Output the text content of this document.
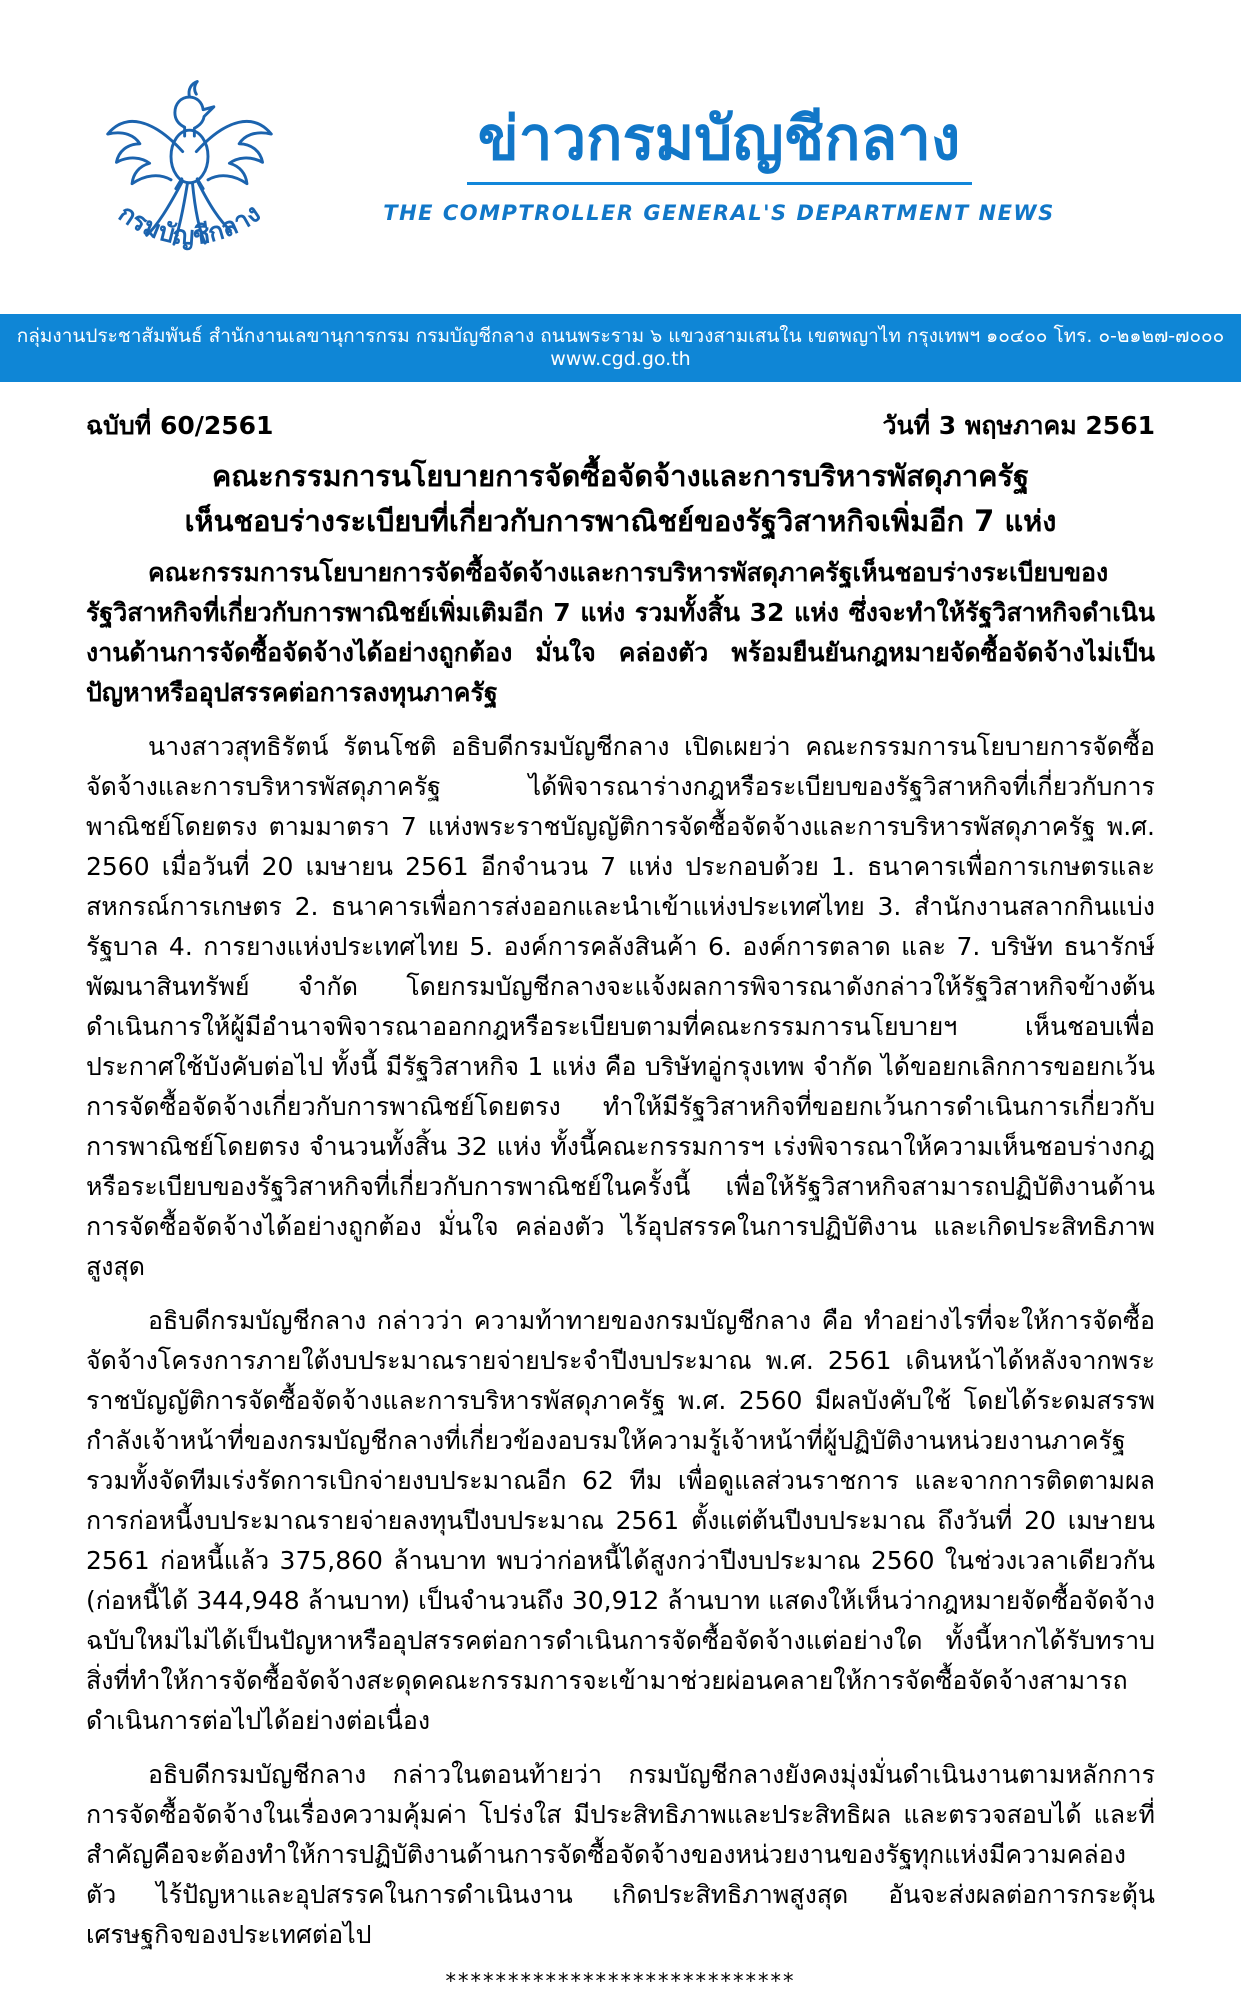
กรมบัญชีกลาง
ข่าวกรมบัญชีกลาง
THE COMPTROLLER GENERAL'S DEPARTMENT NEWS
กลุ่มงานประชาสัมพันธ์ สำนักงานเลขานุการกรม กรมบัญชีกลาง ถนนพระราม ๖ แขวงสามเสนใน เขตพญาไท กรุงเทพฯ ๑๐๔๐๐ โทร. ๐-๒๑๒๗-๗๐๐๐ www.cgd.go.th
ฉบับที่ 60/2561	วันที่ 3 พฤษภาคม 2561
คณะกรรมการนโยบายการจัดซื้อจัดจ้างและการบริหารพัสดุภาครัฐ
เห็นชอบร่างระเบียบที่เกี่ยวกับการพาณิชย์ของรัฐวิสาหกิจเพิ่มอีก 7 แห่ง

คณะกรรมการนโยบายการจัดซื้อจัดจ้างและการบริหารพัสดุภาครัฐเห็นชอบร่างระเบียบของรัฐวิสาหกิจที่เกี่ยวกับการพาณิชย์เพิ่มเติมอีก 7 แห่ง รวมทั้งสิ้น 32 แห่ง ซึ่งจะทำให้รัฐวิสาหกิจดำเนินงานด้านการจัดซื้อจัดจ้างได้อย่างถูกต้อง มั่นใจ คล่องตัว พร้อมยืนยันกฎหมายจัดซื้อจัดจ้างไม่เป็นปัญหาหรืออุปสรรคต่อการลงทุนภาครัฐ

นางสาวสุทธิรัตน์ รัตนโชติ อธิบดีกรมบัญชีกลาง เปิดเผยว่า คณะกรรมการนโยบายการจัดซื้อจัดจ้างและการบริหารพัสดุภาครัฐ ได้พิจารณาร่างกฎหรือระเบียบของรัฐวิสาหกิจที่เกี่ยวกับการพาณิชย์โดยตรง ตามมาตรา 7 แห่งพระราชบัญญัติการจัดซื้อจัดจ้างและการบริหารพัสดุภาครัฐ พ.ศ. 2560 เมื่อวันที่ 20 เมษายน 2561 อีกจำนวน 7 แห่ง ประกอบด้วย 1. ธนาคารเพื่อการเกษตรและสหกรณ์การเกษตร 2. ธนาคารเพื่อการส่งออกและนำเข้าแห่งประเทศไทย 3. สำนักงานสลากกินแบ่งรัฐบาล 4. การยางแห่งประเทศไทย 5. องค์การคลังสินค้า 6. องค์การตลาด และ 7. บริษัท ธนารักษ์พัฒนาสินทรัพย์ จำกัด โดยกรมบัญชีกลางจะแจ้งผลการพิจารณาดังกล่าวให้รัฐวิสาหกิจข้างต้น ดำเนินการให้ผู้มีอำนาจพิจารณาออกกฎหรือระเบียบตามที่คณะกรรมการนโยบายฯ เห็นชอบเพื่อประกาศใช้บังคับต่อไป ทั้งนี้ มีรัฐวิสาหกิจ 1 แห่ง คือ บริษัทอู่กรุงเทพ จำกัด ได้ขอยกเลิกการขอยกเว้นการจัดซื้อจัดจ้างเกี่ยวกับการพาณิชย์โดยตรง ทำให้มีรัฐวิสาหกิจที่ขอยกเว้นการดำเนินการเกี่ยวกับการพาณิชย์โดยตรง จำนวนทั้งสิ้น 32 แห่ง ทั้งนี้คณะกรรมการฯ เร่งพิจารณาให้ความเห็นชอบร่างกฎหรือระเบียบของรัฐวิสาหกิจที่เกี่ยวกับการพาณิชย์ในครั้งนี้ เพื่อให้รัฐวิสาหกิจสามารถปฏิบัติงานด้านการจัดซื้อจัดจ้างได้อย่างถูกต้อง มั่นใจ คล่องตัว ไร้อุปสรรคในการปฏิบัติงาน และเกิดประสิทธิภาพสูงสุด

อธิบดีกรมบัญชีกลาง กล่าวว่า ความท้าทายของกรมบัญชีกลาง คือ ทำอย่างไรที่จะให้การจัดซื้อจัดจ้างโครงการภายใต้งบประมาณรายจ่ายประจำปีงบประมาณ พ.ศ. 2561 เดินหน้าได้หลังจากพระราชบัญญัติการจัดซื้อจัดจ้างและการบริหารพัสดุภาครัฐ พ.ศ. 2560 มีผลบังคับใช้ โดยได้ระดมสรรพกำลังเจ้าหน้าที่ของกรมบัญชีกลางที่เกี่ยวข้องอบรมให้ความรู้เจ้าหน้าที่ผู้ปฏิบัติงานหน่วยงานภาครัฐ รวมทั้งจัดทีมเร่งรัดการเบิกจ่ายงบประมาณอีก 62 ทีม เพื่อดูแลส่วนราชการ และจากการติดตามผลการก่อหนี้งบประมาณรายจ่ายลงทุนปีงบประมาณ 2561 ตั้งแต่ต้นปีงบประมาณ ถึงวันที่ 20 เมษายน 2561 ก่อหนี้แล้ว 375,860 ล้านบาท พบว่าก่อหนี้ได้สูงกว่าปีงบประมาณ 2560 ในช่วงเวลาเดียวกัน (ก่อหนี้ได้ 344,948 ล้านบาท) เป็นจำนวนถึง 30,912 ล้านบาท แสดงให้เห็นว่ากฎหมายจัดซื้อจัดจ้างฉบับใหม่ไม่ได้เป็นปัญหาหรืออุปสรรคต่อการดำเนินการจัดซื้อจัดจ้างแต่อย่างใด ทั้งนี้หากได้รับทราบสิ่งที่ทำให้การจัดซื้อจัดจ้างสะดุดคณะกรรมการจะเข้ามาช่วยผ่อนคลายให้การจัดซื้อจัดจ้างสามารถดำเนินการต่อไปได้อย่างต่อเนื่อง

อธิบดีกรมบัญชีกลาง กล่าวในตอนท้ายว่า กรมบัญชีกลางยังคงมุ่งมั่นดำเนินงานตามหลักการการจัดซื้อจัดจ้างในเรื่องความคุ้มค่า โปร่งใส มีประสิทธิภาพและประสิทธิผล และตรวจสอบได้ และที่สำคัญคือจะต้องทำให้การปฏิบัติงานด้านการจัดซื้อจัดจ้างของหน่วยงานของรัฐทุกแห่งมีความคล่องตัว ไร้ปัญหาและอุปสรรคในการดำเนินงาน เกิดประสิทธิภาพสูงสุด อันจะส่งผลต่อการกระตุ้นเศรษฐกิจของประเทศต่อไป

****************************
